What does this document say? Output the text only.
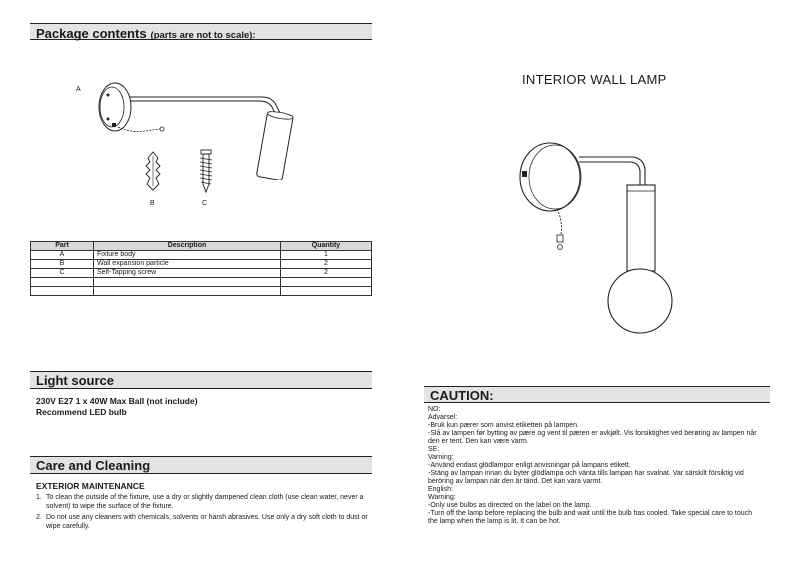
Package contents (parts are not to scale):
A
B	C
Part	Description	Quantity
A	Fixture body	1
B	Wall expansion particle	2
C	Self-Tapping screw	2

Light source
230V E27 1 x 40W Max Ball (not include)
Recommend LED bulb
Care and Cleaning
EXTERIOR MAINTENANCE
1. To clean the outside of the fixture, use a dry or slightly dampened clean cloth (use clean water, never a solvent) to wipe the surface of the fixture.
2. Do not use any cleaners with chemicals, solvents or harsh abrasives. Use only a dry soft cloth to dust or wipe carefully.
INTERIOR WALL LAMP
CAUTION:

NO:

Advarsel:

-Bruk kun pærer som anvist etiketten på lampen.

-Slå av lampen før bytting av pære og vent til pæren er avkjølt. Vis forsiktighet ved berøring av lampen når

den er tent. Den kan være varm.

SE:

Varning:

-Använd endast glödlampor enligt anvisningar på lampans etikett.

-Stäng av lampan innan du byter glödlampa och vänta tills lampan har svalnat. Var särskilt försiktig vid

beröring av lampan när den är tänd. Det kan vara varmt.

English:

Warning:

-Only use bulbs as directed on the label on the lamp.

-Turn off the lamp before replacing the bulb and wait until the bulb has cooled. Take special care to touch

the lamp when the lamp is lit. It can be hot.
